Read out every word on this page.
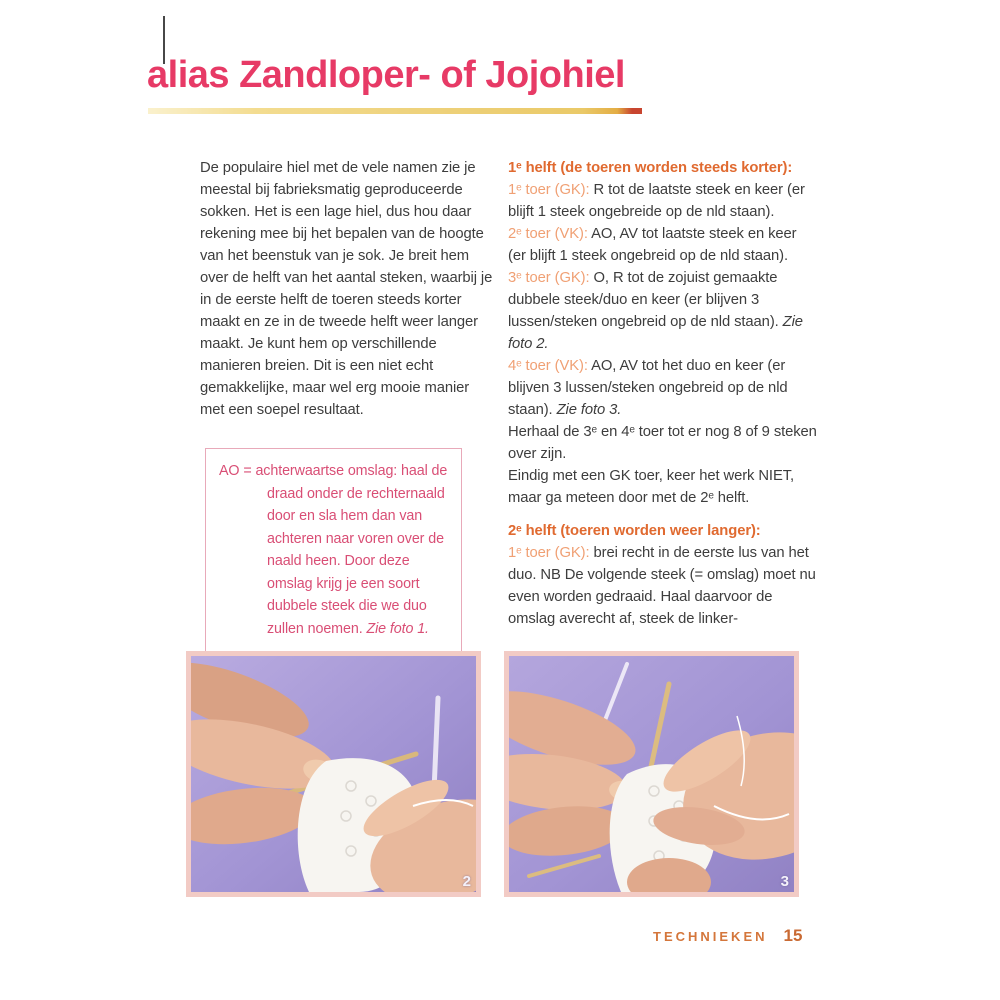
alias Zandloper- of Jojohiel

De populaire hiel met de vele namen zie je meestal bij fabrieksmatig geproduceerde sokken. Het is een lage hiel, dus hou daar rekening mee bij het bepalen van de hoogte van het beenstuk van je sok. Je breit hem over de helft van het aantal steken, waarbij je in de eerste helft de toeren steeds korter maakt en ze in de tweede helft weer langer maakt. Je kunt hem op verschillende manieren breien. Dit is een niet echt gemakkelijke, maar wel erg mooie manier met een soepel resultaat.

AO = achterwaartse omslag: haal de draad onder de rechternaald door en sla hem dan van achteren naar voren over de naald heen. Door deze omslag krijg je een soort dubbele steek die we duo zullen noemen. Zie foto 1.

1ᵉ helft (de toeren worden steeds korter):

1ᵉ toer (GK): R tot de laatste steek en keer (er blijft 1 steek ongebreide op de nld staan).

2ᵉ toer (VK): AO, AV tot laatste steek en keer (er blijft 1 steek ongebreid op de nld staan).

3ᵉ toer (GK): O, R tot de zojuist gemaakte dubbele steek/duo en keer (er blijven 3 lussen/steken ongebreid op de nld staan). Zie foto 2.

4ᵉ toer (VK): AO, AV tot het duo en keer (er blijven 3 lussen/steken ongebreid op de nld staan). Zie foto 3.

Herhaal de 3ᵉ en 4ᵉ toer tot er nog 8 of 9 steken over zijn.

Eindig met een GK toer, keer het werk NIET, maar ga meteen door met de 2ᵉ helft.

2ᵉ helft (toeren worden weer langer):

1ᵉ toer (GK): brei recht in de eerste lus van het duo. NB De volgende steek (= omslag) moet nu even worden gedraaid. Haal daarvoor de omslag averecht af, steek de linker-

2	3
TECHNIEKEN 15
